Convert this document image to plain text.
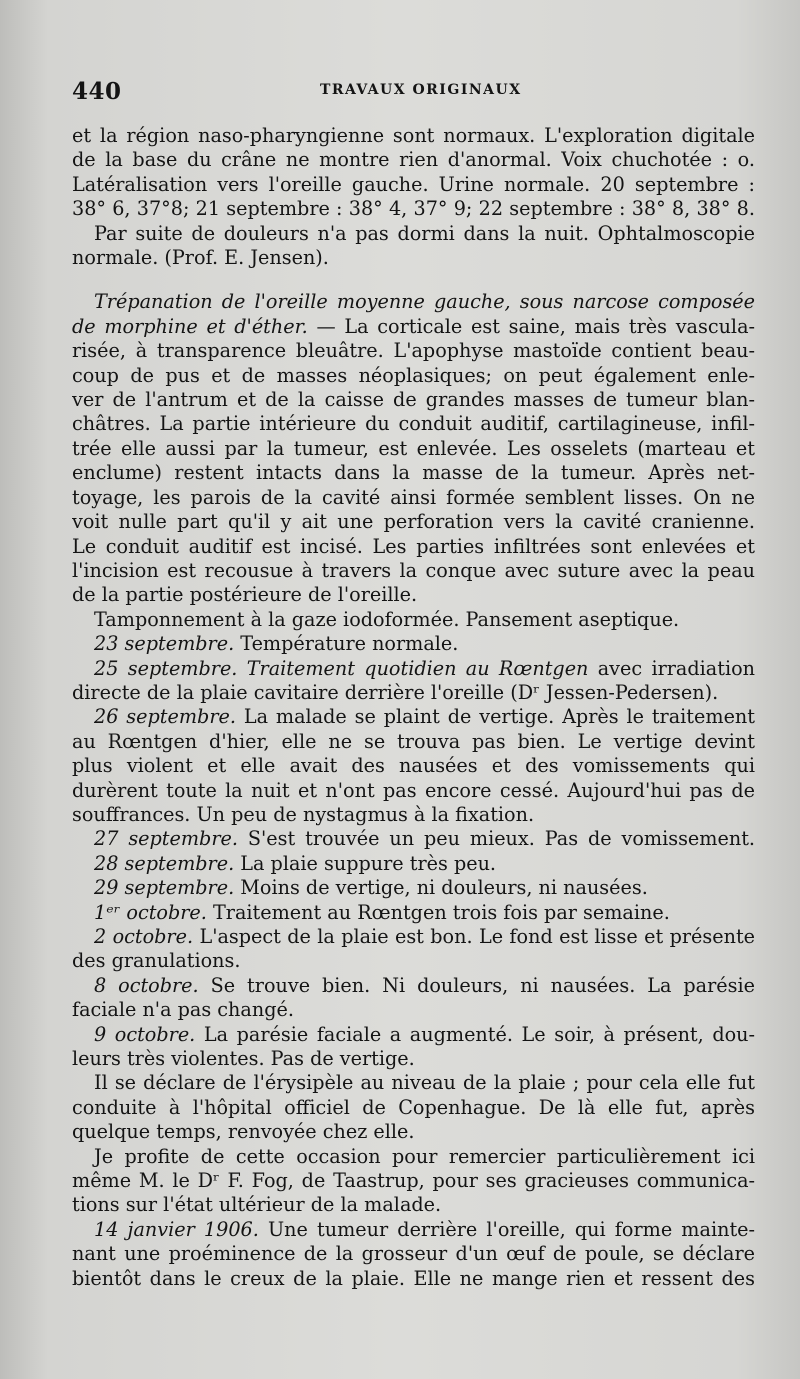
440	TRAVAUX ORIGINAUX
et la région naso-pharyngienne sont normaux. L'exploration digitale
de la base du crâne ne montre rien d'anormal. Voix chuchotée : o.
Latéralisation vers l'oreille gauche. Urine normale. 20 septembre :
38° 6, 37°8; 21 septembre : 38° 4, 37° 9; 22 septembre : 38° 8, 38° 8.
Par suite de douleurs n'a pas dormi dans la nuit. Ophtalmoscopie
normale. (Prof. E. Jensen).
Trépanation de l'oreille moyenne gauche, sous narcose composée
de morphine et d'éther. — La corticale est saine, mais très vascula-
risée, à transparence bleuâtre. L'apophyse mastoïde contient beau-
coup de pus et de masses néoplasiques; on peut également enle-
ver de l'antrum et de la caisse de grandes masses de tumeur blan-
châtres. La partie intérieure du conduit auditif, cartilagineuse, infil-
trée elle aussi par la tumeur, est enlevée. Les osselets (marteau et
enclume) restent intacts dans la masse de la tumeur. Après net-
toyage, les parois de la cavité ainsi formée semblent lisses. On ne
voit nulle part qu'il y ait une perforation vers la cavité cranienne.
Le conduit auditif est incisé. Les parties infiltrées sont enlevées et
l'incision est recousue à travers la conque avec suture avec la peau
de la partie postérieure de l'oreille.
Tamponnement à la gaze iodoformée. Pansement aseptique.
23 septembre. Température normale.
25 septembre. Traitement quotidien au Rœntgen avec irradiation
directe de la plaie cavitaire derrière l'oreille (Dʳ Jessen-Pedersen).
26 septembre. La malade se plaint de vertige. Après le traitement
au Rœntgen d'hier, elle ne se trouva pas bien. Le vertige devint
plus violent et elle avait des nausées et des vomissements qui
durèrent toute la nuit et n'ont pas encore cessé. Aujourd'hui pas de
souffrances. Un peu de nystagmus à la fixation.
27 septembre. S'est trouvée un peu mieux. Pas de vomissement.
28 septembre. La plaie suppure très peu.
29 septembre. Moins de vertige, ni douleurs, ni nausées.
1ᵉʳ octobre. Traitement au Rœntgen trois fois par semaine.
2 octobre. L'aspect de la plaie est bon. Le fond est lisse et présente
des granulations.
8 octobre. Se trouve bien. Ni douleurs, ni nausées. La parésie
faciale n'a pas changé.
9 octobre. La parésie faciale a augmenté. Le soir, à présent, dou-
leurs très violentes. Pas de vertige.
Il se déclare de l'érysipèle au niveau de la plaie ; pour cela elle fut
conduite à l'hôpital officiel de Copenhague. De là elle fut, après
quelque temps, renvoyée chez elle.
Je profite de cette occasion pour remercier particulièrement ici
même M. le Dʳ F. Fog, de Taastrup, pour ses gracieuses communica-
tions sur l'état ultérieur de la malade.
14 janvier 1906. Une tumeur derrière l'oreille, qui forme mainte-
nant une proéminence de la grosseur d'un œuf de poule, se déclare
bientôt dans le creux de la plaie. Elle ne mange rien et ressent des
